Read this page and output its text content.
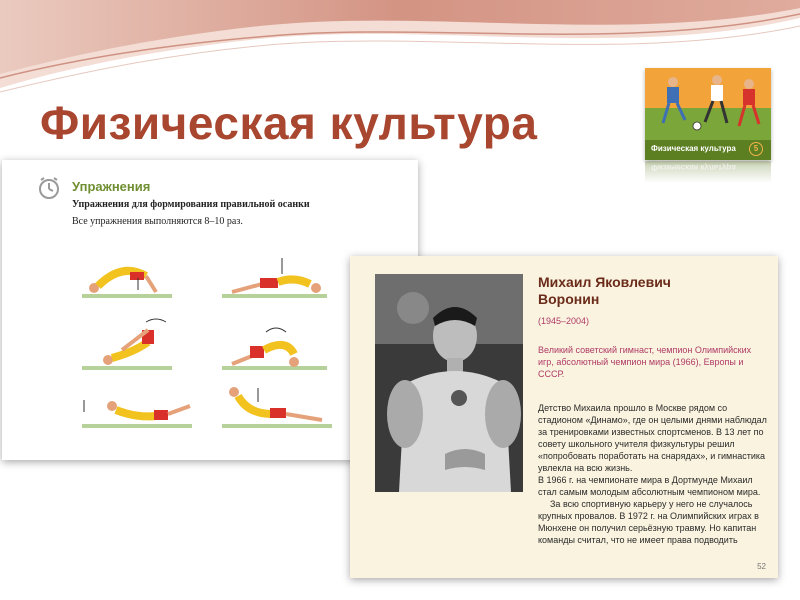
Физическая культура	Физическая культура	5
Физическая культура
Упражнения
Упражнения для формирования правильной осанки
Все упражнения выполняются 8–10 раз.
Михаил Яковлевич
Воронин
(1945–2004)
Великий советский гимнаст, чемпион Олимпийских игр, абсолютный чемпион мира (1966), Европы и СССР.

Детство Михаила прошло в Москве рядом со стадионом «Динамо», где он целыми днями наблюдал за тренировками известных спортсменов. В 13 лет по совету школьного учителя физкультуры решил «попробовать поработать на снарядах», и гимнастика увлекла на всю жизнь.

В 1966 г. на чемпионате мира в Дортмунде Михаил стал самым молодым абсолютным чемпионом мира.

За всю спортивную карьеру у него не случалось крупных провалов. В 1972 г. на Олимпийских играх в Мюнхене он получил серьёзную травму. Но капитан команды считал, что не имеет права подводить

52
